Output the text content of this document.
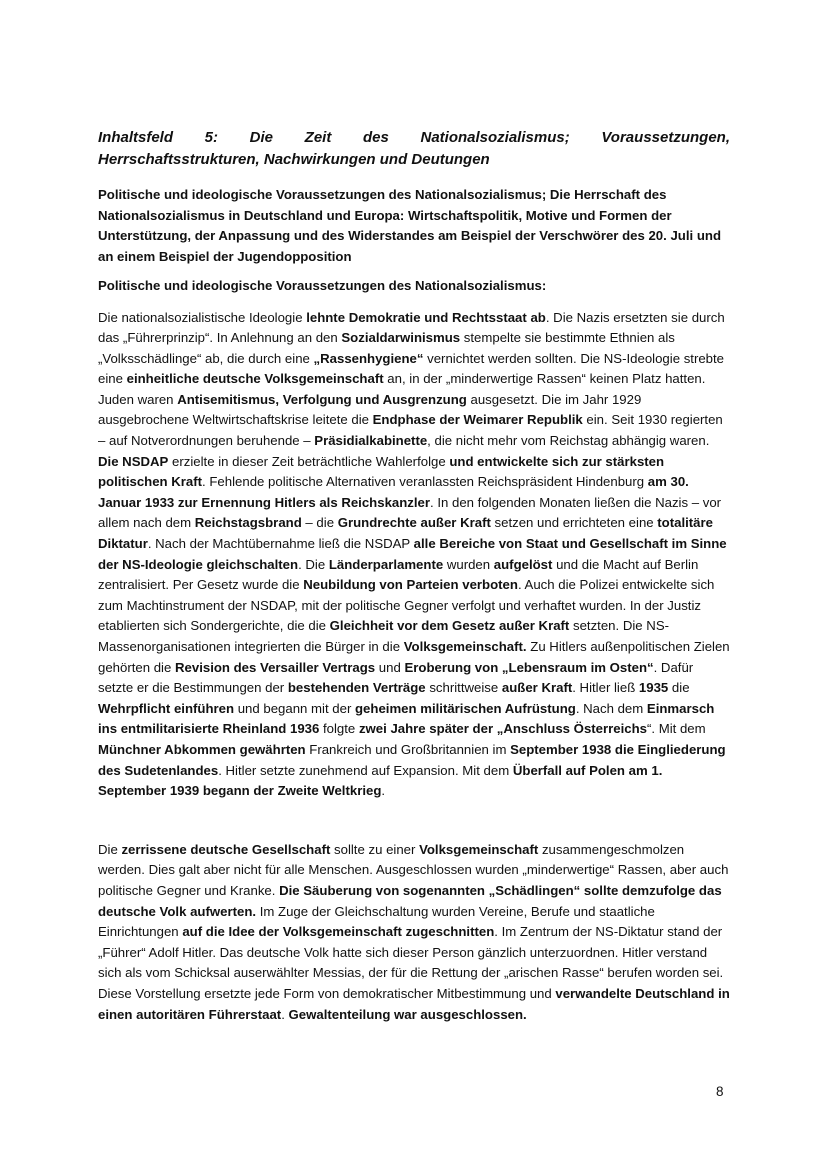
Inhaltsfeld 5: Die Zeit des Nationalsozialismus; Voraussetzungen, Herrschaftsstrukturen, Nachwirkungen und Deutungen

Politische und ideologische Voraussetzungen des Nationalsozialismus; Die Herrschaft des Nationalsozialismus in Deutschland und Europa: Wirtschaftspolitik, Motive und Formen der Unterstützung, der Anpassung und des Widerstandes am Beispiel der Verschwörer des 20. Juli und an einem Beispiel der Jugendopposition

Politische und ideologische Voraussetzungen des Nationalsozialismus:

Die nationalsozialistische Ideologie lehnte Demokratie und Rechtsstaat ab. Die Nazis ersetzten sie durch das „Führerprinzip“. In Anlehnung an den Sozialdarwinismus stempelte sie bestimmte Ethnien als „Volksschädlinge“ ab, die durch eine „Rassenhygiene“ vernichtet werden sollten. Die NS-Ideologie strebte eine einheitliche deutsche Volksgemeinschaft an, in der „minderwertige Rassen“ keinen Platz hatten. Juden waren Antisemitismus, Verfolgung und Ausgrenzung ausgesetzt. Die im Jahr 1929 ausgebrochene Weltwirtschaftskrise leitete die Endphase der Weimarer Republik ein. Seit 1930 regierten – auf Notverordnungen beruhende – Präsidialkabinette, die nicht mehr vom Reichstag abhängig waren. Die NSDAP erzielte in dieser Zeit beträchtliche Wahlerfolge und entwickelte sich zur stärksten politischen Kraft. Fehlende politische Alternativen veranlassten Reichspräsident Hindenburg am 30. Januar 1933 zur Ernennung Hitlers als Reichskanzler. In den folgenden Monaten ließen die Nazis – vor allem nach dem Reichstagsbrand – die Grundrechte außer Kraft setzen und errichteten eine totalitäre Diktatur. Nach der Machtübernahme ließ die NSDAP alle Bereiche von Staat und Gesellschaft im Sinne der NS-Ideologie gleichschalten. Die Länderparlamente wurden aufgelöst und die Macht auf Berlin zentralisiert. Per Gesetz wurde die Neubildung von Parteien verboten. Auch die Polizei entwickelte sich zum Machtinstrument der NSDAP, mit der politische Gegner verfolgt und verhaftet wurden. In der Justiz etablierten sich Sondergerichte, die die Gleichheit vor dem Gesetz außer Kraft setzten. Die NS-Massenorganisationen integrierten die Bürger in die Volksgemeinschaft. Zu Hitlers außenpolitischen Zielen gehörten die Revision des Versailler Vertrags und Eroberung von „Lebensraum im Osten“. Dafür setzte er die Bestimmungen der bestehenden Verträge schrittweise außer Kraft. Hitler ließ 1935 die Wehrpflicht einführen und begann mit der geheimen militärischen Aufrüstung. Nach dem Einmarsch ins entmilitarisierte Rheinland 1936 folgte zwei Jahre später der „Anschluss Österreichs“. Mit dem Münchner Abkommen gewährten Frankreich und Großbritannien im September 1938 die Eingliederung des Sudetenlandes. Hitler setzte zunehmend auf Expansion. Mit dem Überfall auf Polen am 1. September 1939 begann der Zweite Weltkrieg.

Die zerrissene deutsche Gesellschaft sollte zu einer Volksgemeinschaft zusammengeschmolzen werden. Dies galt aber nicht für alle Menschen. Ausgeschlossen wurden „minderwertige“ Rassen, aber auch politische Gegner und Kranke. Die Säuberung von sogenannten „Schädlingen“ sollte demzufolge das deutsche Volk aufwerten. Im Zuge der Gleichschaltung wurden Vereine, Berufe und staatliche Einrichtungen auf die Idee der Volksgemeinschaft zugeschnitten. Im Zentrum der NS-Diktatur stand der „Führer“ Adolf Hitler. Das deutsche Volk hatte sich dieser Person gänzlich unterzuordnen. Hitler verstand sich als vom Schicksal auserwählter Messias, der für die Rettung der „arischen Rasse“ berufen worden sei. Diese Vorstellung ersetzte jede Form von demokratischer Mitbestimmung und verwandelte Deutschland in einen autoritären Führerstaat. Gewaltenteilung war ausgeschlossen.

8
